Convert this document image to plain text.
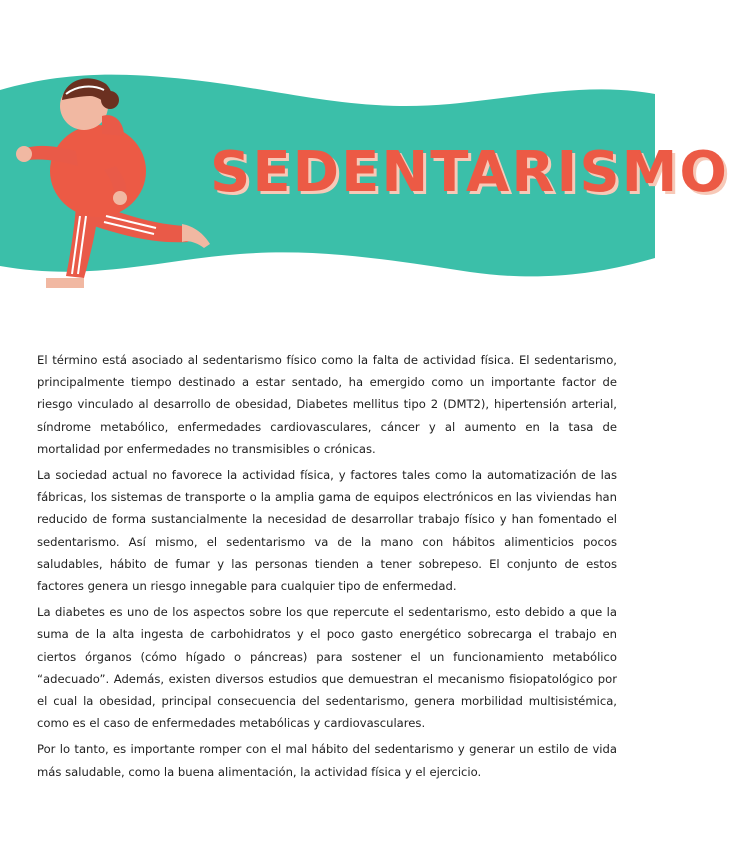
SEDENTARISMO

El término está asociado al sedentarismo físico como la falta de actividad física. El sedentarismo, principalmente tiempo destinado a estar sentado, ha emergido como un importante factor de riesgo vinculado al desarrollo de obesidad, Diabetes mellitus tipo 2 (DMT2), hipertensión arterial, síndrome metabólico, enfermedades cardiovasculares, cáncer y al aumento en la tasa de mortalidad por enfermedades no transmisibles o crónicas.

La sociedad actual no favorece la actividad física, y factores tales como la automatización de las fábricas, los sistemas de transporte o la amplia gama de equipos electrónicos en las viviendas han reducido de forma sustancialmente la necesidad de desarrollar trabajo físico y han fomentado el sedentarismo. Así mismo, el sedentarismo va de la mano con hábitos alimenticios pocos saludables, hábito de fumar y las personas tienden a tener sobrepeso. El conjunto de estos factores genera un riesgo innegable para cualquier tipo de enfermedad.

La diabetes es uno de los aspectos sobre los que repercute el sedentarismo, esto debido a que la suma de la alta ingesta de carbohidratos y el poco gasto energético sobrecarga el trabajo en ciertos órganos (cómo hígado o páncreas) para sostener el un funcionamiento metabólico “adecuado”. Además, existen diversos estudios que demuestran el mecanismo fisiopatológico por el cual la obesidad, principal consecuencia del sedentarismo, genera morbilidad multisistémica, como es el caso de enfermedades metabólicas y cardiovasculares.

Por lo tanto, es importante romper con el mal hábito del sedentarismo y generar un estilo de vida más saludable, como la buena alimentación, la actividad física y el ejercicio.
